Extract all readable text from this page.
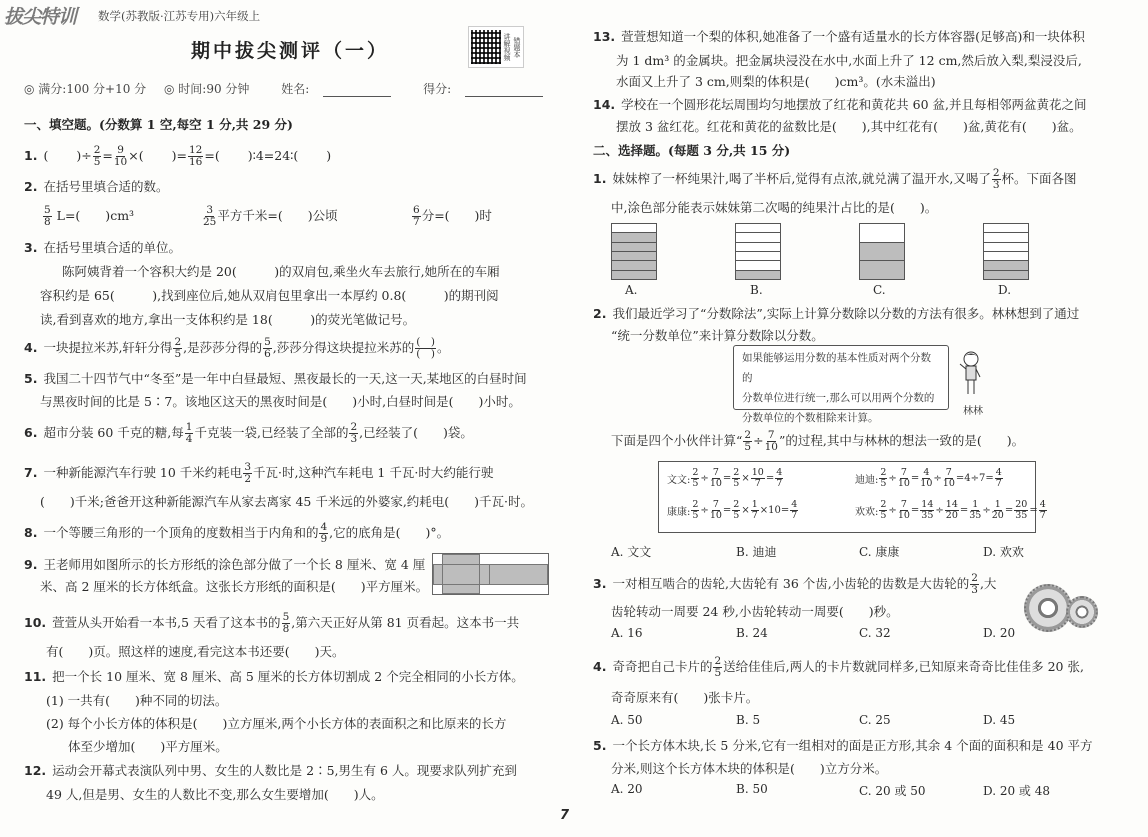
拔尖特训 数学(苏教版·江苏专用)六年级上
期中拔尖测评（一）	讲解视频 错题本
◎ 满分:100 分+10 分 ◎ 时间:90 分钟	姓名:	得分:
一、填空题。(分数算 1 空,每空 1 分,共 29 分)
1. ( )÷ $\frac{2}{5} = \frac{9}{10}$ ×( )= $\frac{12}{16}$ =( )∶4=24∶( )
2. 在括号里填合适的数。
$\frac{5}{8} L=$(　　)cm³	$\frac{3}{25}$ 平方千米=(　　)公顷	$\frac{6}{7}$ 分=(　　)时
3. 在括号里填合适的单位。
陈阿姨背着一个容积大约是 20(　　　)的双肩包,乘坐火车去旅行,她所在的车厢
容积约是 65(　　　),找到座位后,她从双肩包里拿出一本厚约 0.8(　　　)的期刊阅
读,看到喜欢的地方,拿出一支体积约是 18(　　　)的荧光笔做记号。
4. 一块提拉米苏,轩轩分得 $\frac{2}{5}$ ,是莎莎分得的 $\frac{5}{6}$ ,莎莎分得这块提拉米苏的 $\frac{( )}{( )}$ 。
5. 我国二十四节气中“冬至”是一年中白昼最短、黑夜最长的一天,这一天,某地区的白昼时间
与黑夜时间的比是 5∶7。该地区这天的黑夜时间是(　　)小时,白昼时间是(　　)小时。
6. 超市分装 60 千克的糖,每 $\frac{1}{4}$ 千克装一袋,已经装了全部的 $\frac{2}{3}$ ,已经装了(　　)袋。
7. 一种新能源汽车行驶 10 千米约耗电 $\frac{3}{2}$ 千瓦·时,这种汽车耗电 1 千瓦·时大约能行驶
(　　)千米;爸爸开这种新能源汽车从家去离家 45 千米远的外婆家,约耗电(　　)千瓦·时。
8. 一个等腰三角形的一个顶角的度数相当于内角和的 $\frac{4}{9}$ ,它的底角是(　　)°。
9. 王老师用如图所示的长方形纸的涂色部分做了一个长 8 厘米、宽 4 厘
米、高 2 厘米的长方体纸盒。这张长方形纸的面积是(　　)平方厘米。
10. 萱萱从头开始看一本书,5 天看了这本书的 $\frac{5}{8}$ ,第六天正好从第 81 页看起。这本书一共
有(　　)页。照这样的速度,看完这本书还要(　　)天。
11. 把一个长 10 厘米、宽 8 厘米、高 5 厘米的长方体切割成 2 个完全相同的小长方体。
(1) 一共有(　　)种不同的切法。
(2) 每个小长方体的体积是(　　)立方厘米,两个小长方体的表面积之和比原来的长方
体至少增加(　　)平方厘米。
12. 运动会开幕式表演队列中男、女生的人数比是 2∶5,男生有 6 人。现要求队列扩充到
49 人,但是男、女生的人数比不变,那么女生要增加(　　)人。
13. 萱萱想知道一个梨的体积,她准备了一个盛有适量水的长方体容器(足够高)和一块体积
为 1 dm³ 的金属块。把金属块浸没在水中,水面上升了 12 cm,然后放入梨,梨浸没后,
水面又上升了 3 cm,则梨的体积是(　　)cm³。(水未溢出)
14. 学校在一个圆形花坛周围均匀地摆放了红花和黄花共 60 盆,并且每相邻两盆黄花之间
摆放 3 盆红花。红花和黄花的盆数比是(　　),其中红花有(　　)盆,黄花有(　　)盆。
二、选择题。(每题 3 分,共 15 分)
1. 妹妹榨了一杯纯果汁,喝了半杯后,觉得有点浓,就兑满了温开水,又喝了 $\frac{2}{3}$ 杯。下面各图
中,涂色部分能表示妹妹第二次喝的纯果汁占比的是(　　)。
A.	B.	C.	D.
2. 我们最近学习了“分数除法”,实际上计算分数除以分数的方法有很多。林林想到了通过
“统一分数单位”来计算分数除以分数。
如果能够运用分数的基本性质对两个分数的
分数单位进行统一,那么可以用两个分数的
分数单位的个数相除来计算。
林林
下面是四个小伙伴计算“ $\frac{2}{5} \div \frac{7}{10}$ ”的过程,其中与林林的想法一致的是(　　)。
文文: $\frac{2}{5} \div \frac{7}{10} = \frac{2}{5} \times \frac{10}{7} = \frac{4}{7}$	迪迪: $\frac{2}{5} \div \frac{7}{10} = \frac{4}{10} \div \frac{7}{10} =4\div 7= \frac{4}{7}$
康康: $\frac{2}{5} \div \frac{7}{10} = \frac{2}{5} \times \frac{1}{7} \times 10= \frac{4}{7}$	欢欢: $\frac{2}{5} \div \frac{7}{10} = \frac{14}{35} \div \frac{14}{20} = \frac{1}{35} \div \frac{1}{20} = \frac{20}{35} = \frac{4}{7}$
A. 文文	B. 迪迪	C. 康康	D. 欢欢
3. 一对相互啮合的齿轮,大齿轮有 36 个齿,小齿轮的齿数是大齿轮的 $\frac{2}{3}$ ,大
齿轮转动一周要 24 秒,小齿轮转动一周要(　　)秒。
A. 16	B. 24	C. 32	D. 20
4. 奇奇把自己卡片的 $\frac{2}{5}$ 送给佳佳后,两人的卡片数就同样多,已知原来奇奇比佳佳多 20 张,
奇奇原来有(　　)张卡片。
A. 50	B. 5	C. 25	D. 45
5. 一个长方体木块,长 5 分米,它有一组相对的面是正方形,其余 4 个面的面积和是 40 平方
分米,则这个长方体木块的体积是(　　)立方分米。
A. 20	B. 50	C. 20 或 50	D. 20 或 48
7
